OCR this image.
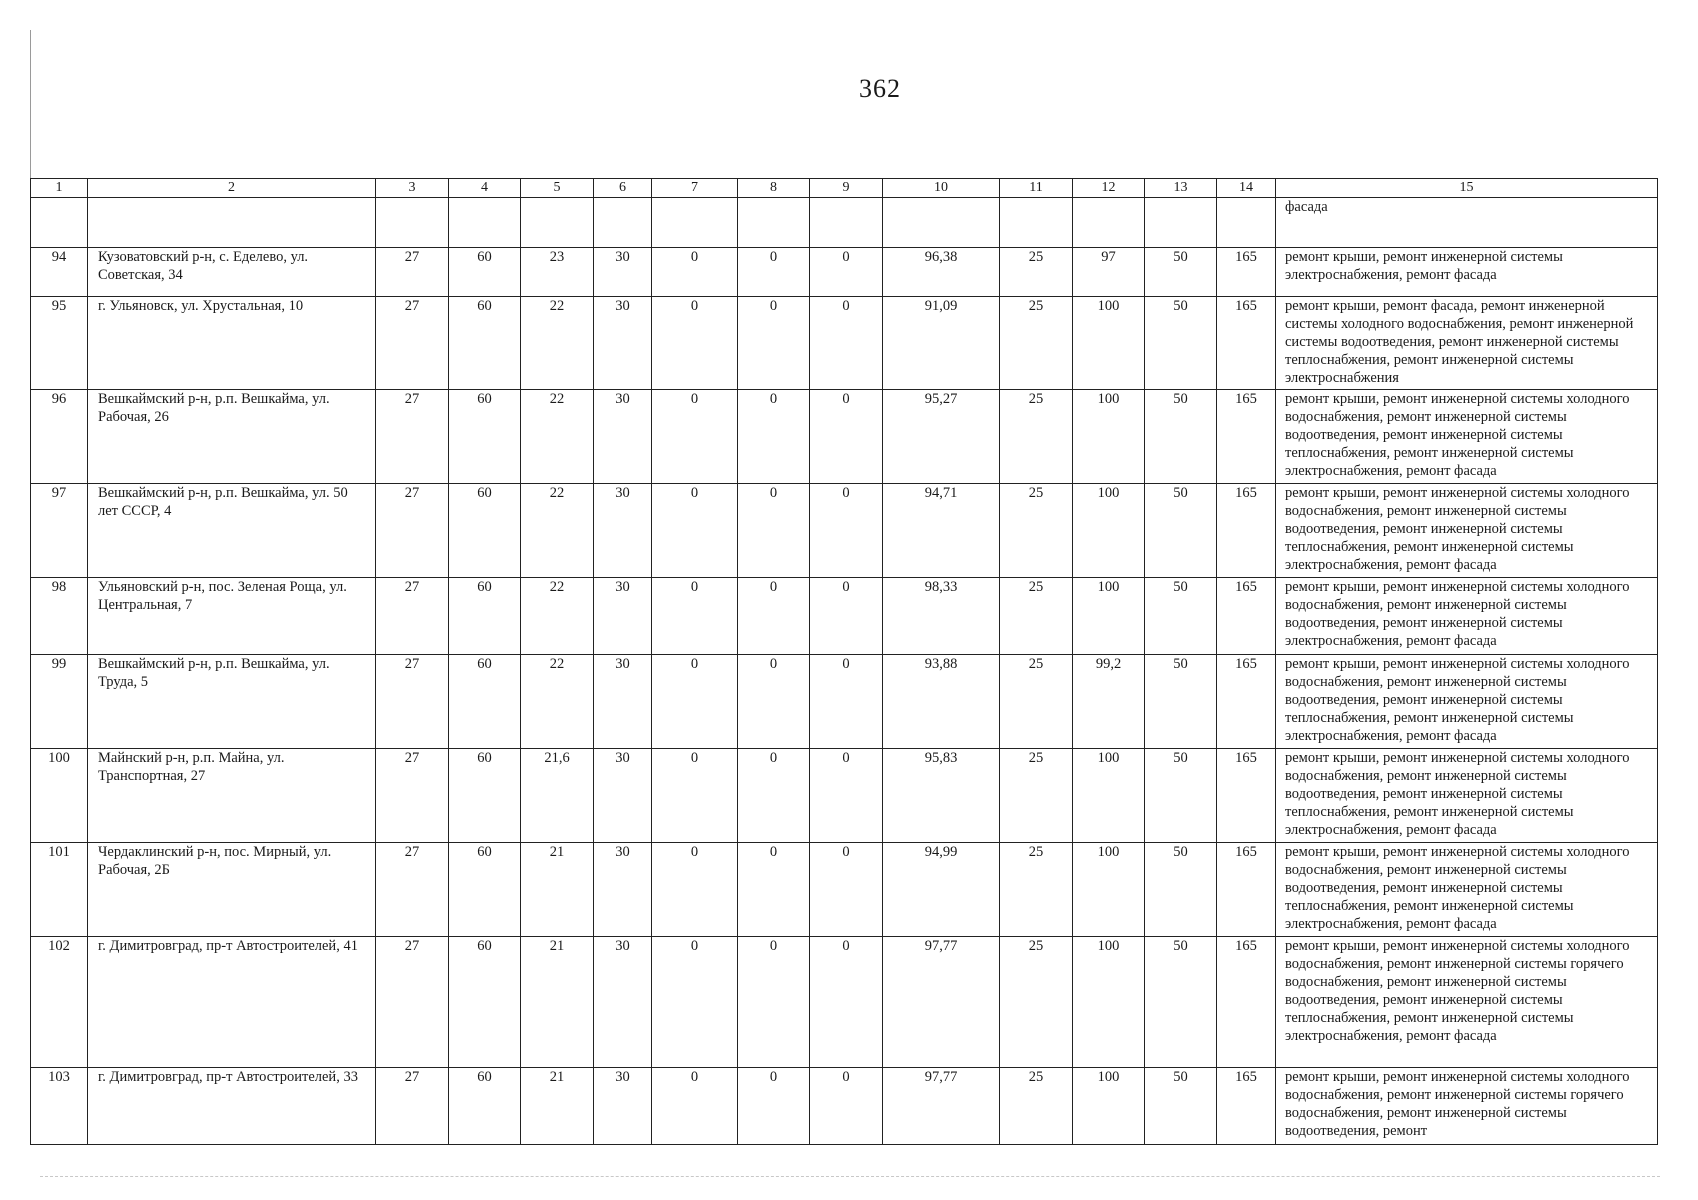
362
1	2	3	4	5	6	7	8	9	10	11	12	13	14	15
														фасада
94	Кузоватовский р-н, с. Еделево, ул. Советская, 34	27	60	23	30	0	0	0	96,38	25	97	50	165	ремонт крыши, ремонт инженерной системы электроснабжения, ремонт фасада
95	г. Ульяновск, ул. Хрустальная, 10	27	60	22	30	0	0	0	91,09	25	100	50	165	ремонт крыши, ремонт фасада, ремонт инженерной системы холодного водоснабжения, ремонт инженерной системы водоотведения, ремонт инженерной системы теплоснабжения, ремонт инженерной системы электроснабжения
96	Вешкаймский р-н, р.п. Вешкайма, ул. Рабочая, 26	27	60	22	30	0	0	0	95,27	25	100	50	165	ремонт крыши, ремонт инженерной системы холодного водоснабжения, ремонт инженерной системы водоотведения, ремонт инженерной системы теплоснабжения, ремонт инженерной системы электроснабжения, ремонт фасада
97	Вешкаймский р-н, р.п. Вешкайма, ул. 50 лет СССР, 4	27	60	22	30	0	0	0	94,71	25	100	50	165	ремонт крыши, ремонт инженерной системы холодного водоснабжения, ремонт инженерной системы водоотведения, ремонт инженерной системы теплоснабжения, ремонт инженерной системы электроснабжения, ремонт фасада
98	Ульяновский р-н, пос. Зеленая Роща, ул. Центральная, 7	27	60	22	30	0	0	0	98,33	25	100	50	165	ремонт крыши, ремонт инженерной системы холодного водоснабжения, ремонт инженерной системы водоотведения, ремонт инженерной системы электроснабжения, ремонт фасада
99	Вешкаймский р-н, р.п. Вешкайма, ул. Труда, 5	27	60	22	30	0	0	0	93,88	25	99,2	50	165	ремонт крыши, ремонт инженерной системы холодного водоснабжения, ремонт инженерной системы водоотведения, ремонт инженерной системы теплоснабжения, ремонт инженерной системы электроснабжения, ремонт фасада
100	Майнский р-н, р.п. Майна, ул. Транспортная, 27	27	60	21,6	30	0	0	0	95,83	25	100	50	165	ремонт крыши, ремонт инженерной системы холодного водоснабжения, ремонт инженерной системы водоотведения, ремонт инженерной системы теплоснабжения, ремонт инженерной системы электроснабжения, ремонт фасада
101	Чердаклинский р-н, пос. Мирный, ул. Рабочая, 2Б	27	60	21	30	0	0	0	94,99	25	100	50	165	ремонт крыши, ремонт инженерной системы холодного водоснабжения, ремонт инженерной системы водоотведения, ремонт инженерной системы теплоснабжения, ремонт инженерной системы электроснабжения, ремонт фасада
102	г. Димитровград, пр-т Автостроителей, 41	27	60	21	30	0	0	0	97,77	25	100	50	165	ремонт крыши, ремонт инженерной системы холодного водоснабжения, ремонт инженерной системы горячего водоснабжения, ремонт инженерной системы водоотведения, ремонт инженерной системы теплоснабжения, ремонт инженерной системы электроснабжения, ремонт фасада
103	г. Димитровград, пр-т Автостроителей, 33	27	60	21	30	0	0	0	97,77	25	100	50	165	ремонт крыши, ремонт инженерной системы холодного водоснабжения, ремонт инженерной системы горячего водоснабжения, ремонт инженерной системы водоотведения, ремонт
